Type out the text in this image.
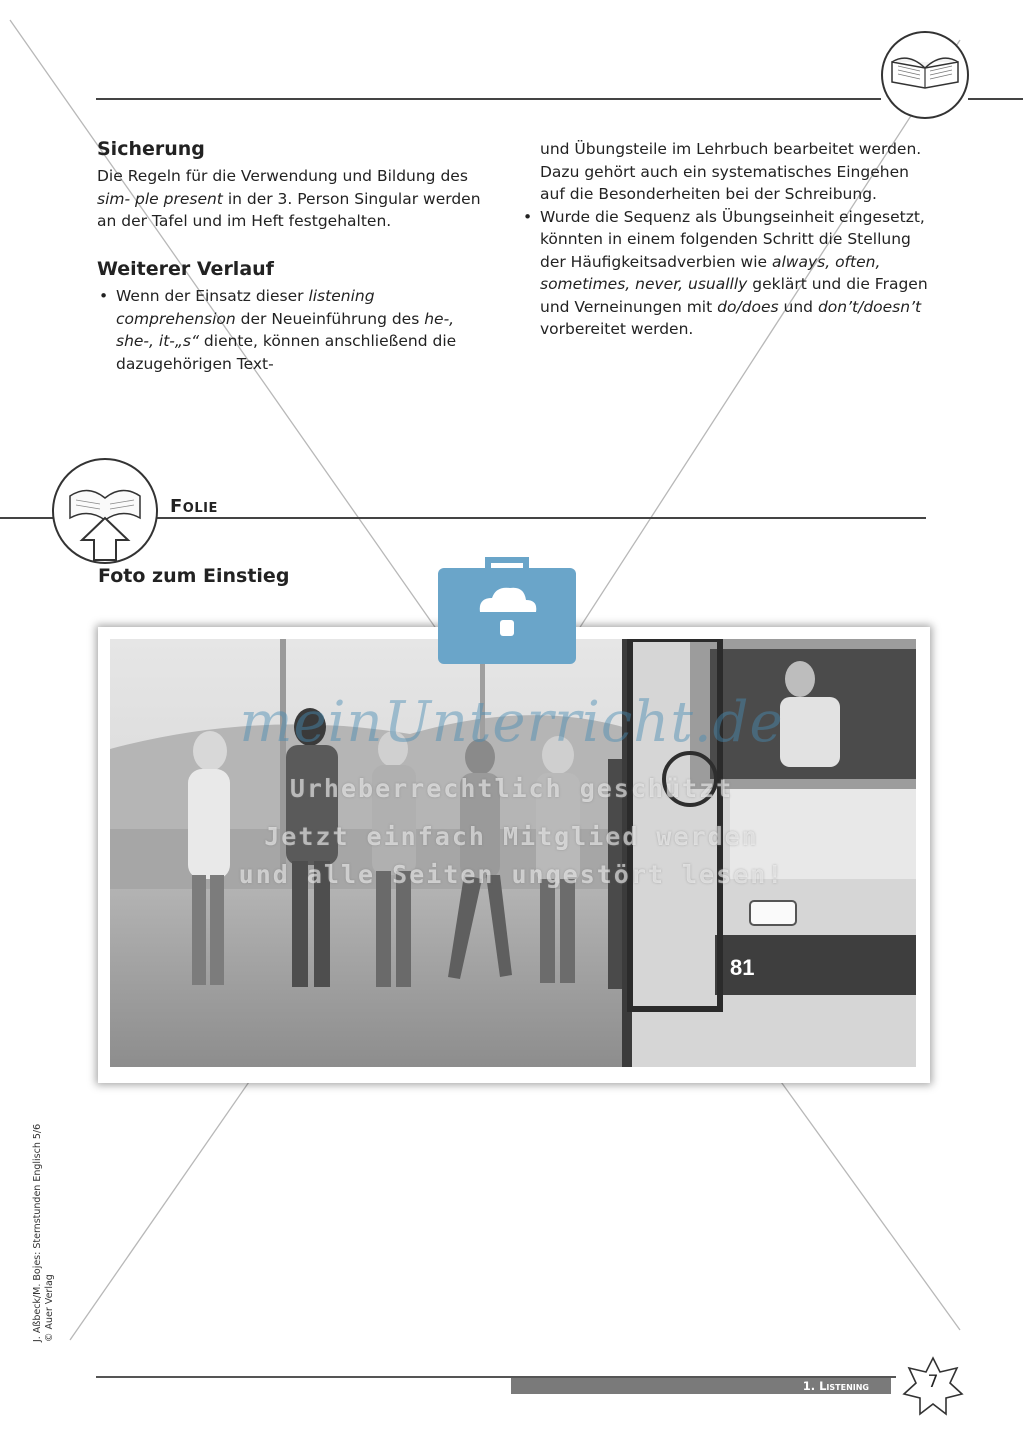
Sicherung

Die Regeln für die Verwendung und Bildung des sim- ple present in der 3. Person Singular werden an der Tafel und im Heft festgehalten.

Weiterer Verlauf
• Wenn der Einsatz dieser listening comprehension der Neueinführung des he-, she-, it-„s“ diente, können anschließend die dazugehörigen Text-

und Übungsteile im Lehrbuch bearbeitet werden. Dazu gehört auch ein systematisches Eingehen auf die Besonderheiten bei der Schreibung.

• Wurde die Sequenz als Übungseinheit eingesetzt, könnten in einem folgenden Schritt die Stellung der Häufigkeitsadverbien wie always, often, sometimes, never, usuallly geklärt und die Fragen und Verneinungen mit do/does und don’t/doesn’t vorbereitet werden.
Folie
Foto zum Einstieg
81
meinUnterricht.de
Urheberrechtlich geschützt
Jetzt einfach Mitglied werden
und alle Seiten ungestört lesen!
J. Aßbeck/M. Bojes: Sternstunden Englisch 5/6 © Auer Verlag
1. Listening	7
